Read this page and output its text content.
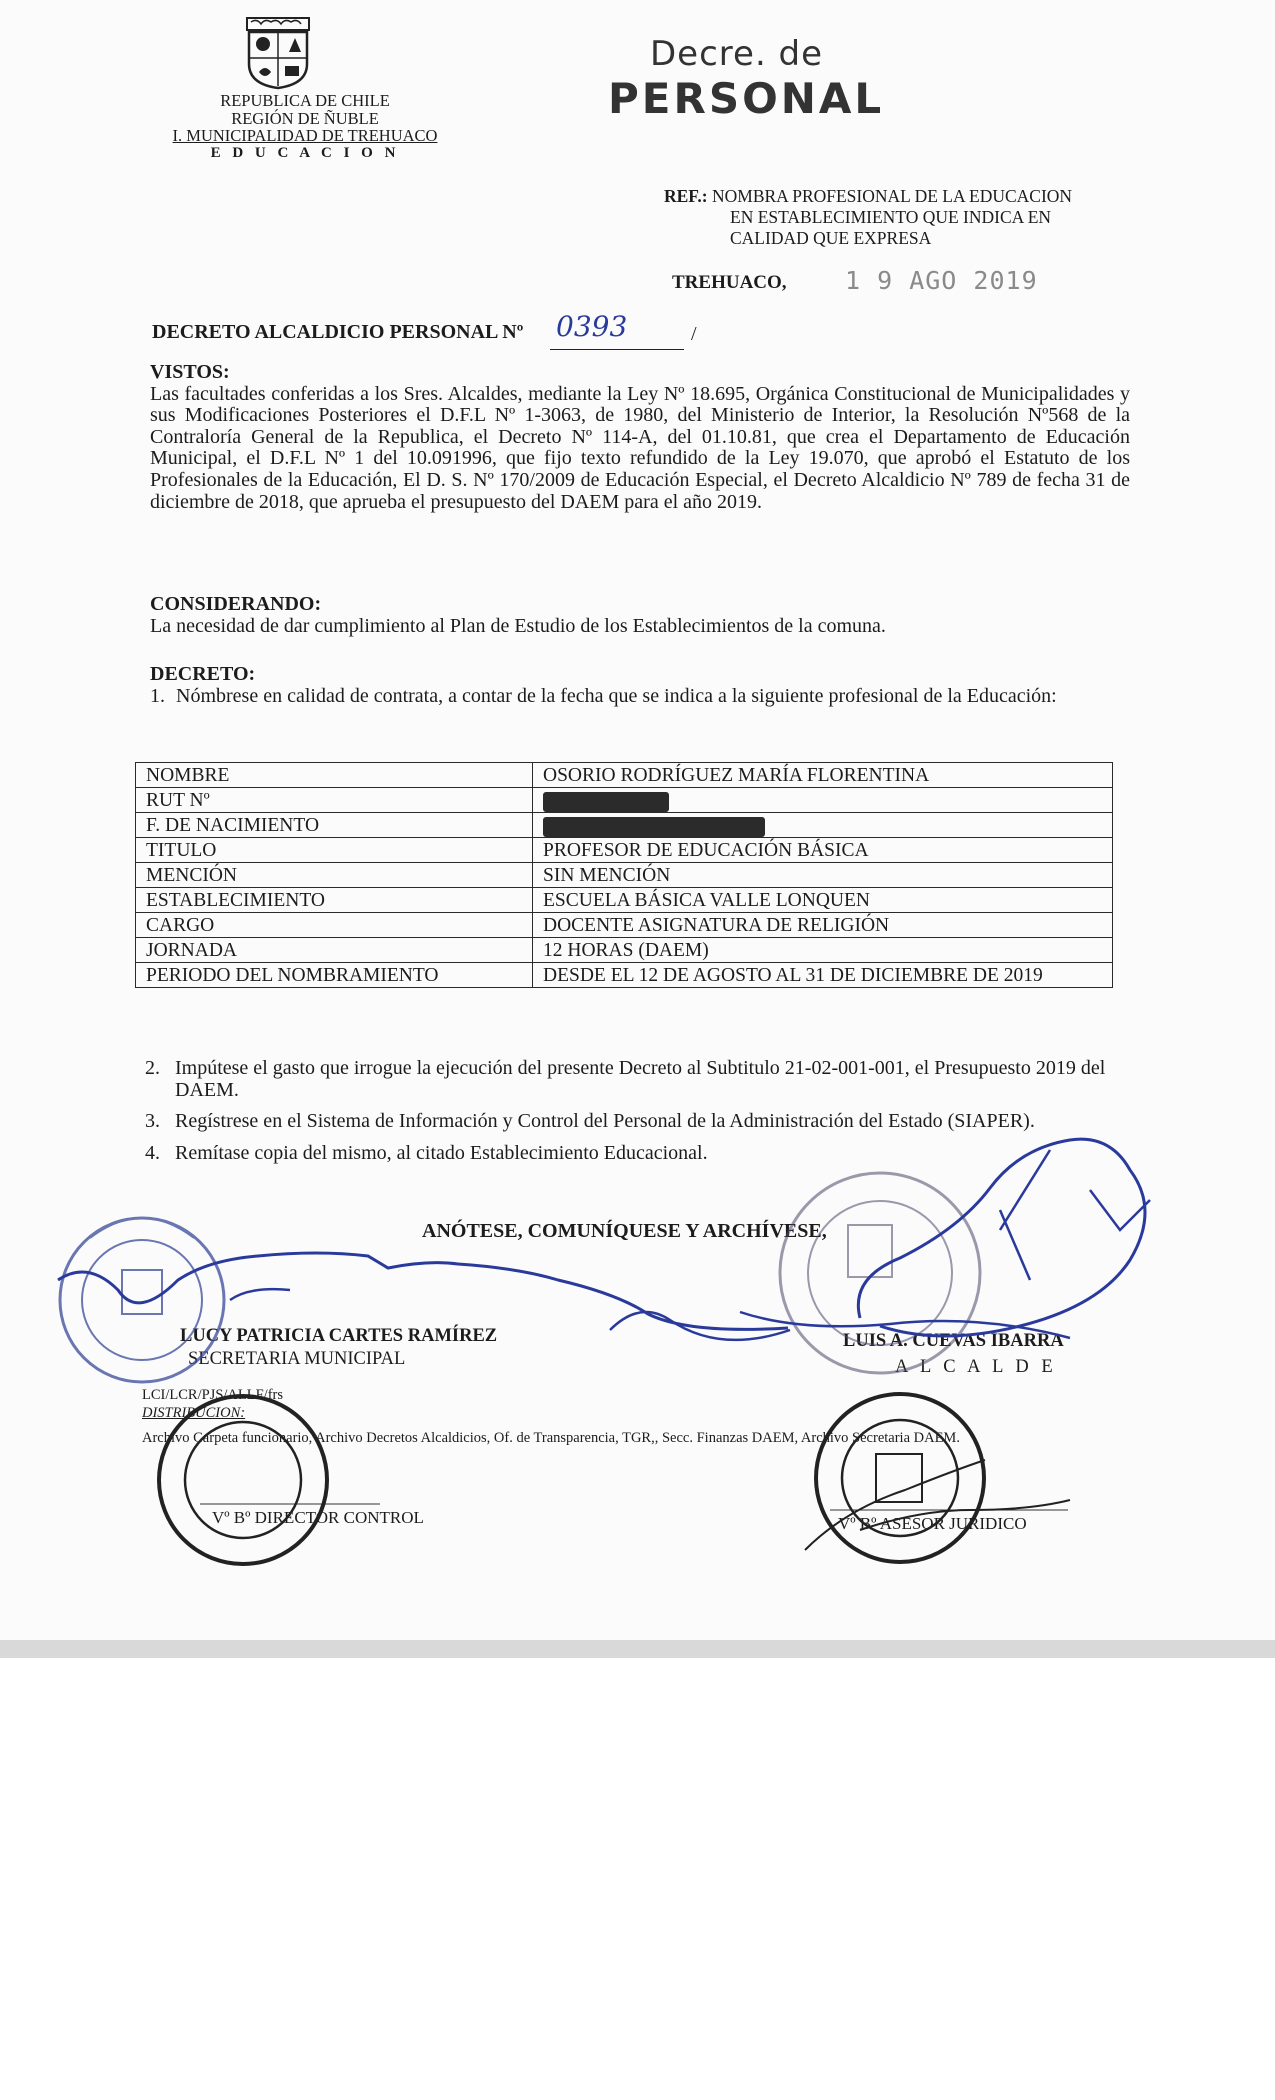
REPUBLICA DE CHILE
REGIÓN DE ÑUBLE
I. MUNICIPALIDAD DE TREHUACO
E D U C A C I O N
Decre. de
PERSONAL
REF.: NOMBRA PROFESIONAL DE LA EDUCACION
EN ESTABLECIMIENTO QUE INDICA EN
CALIDAD QUE EXPRESA
TREHUACO, 1 9 AGO 2019
DECRETO ALCALDICIO PERSONAL Nº 0393	/

VISTOS:

Las facultades conferidas a los Sres. Alcaldes, mediante la Ley Nº 18.695, Orgánica Constitucional de Municipalidades y sus Modificaciones Posteriores el D.F.L Nº 1-3063, de 1980, del Ministerio de Interior, la Resolución Nº568 de la Contraloría General de la Republica, el Decreto Nº 114-A, del 01.10.81, que crea el Departamento de Educación Municipal, el D.F.L Nº 1 del 10.091996, que fijo texto refundido de la Ley 19.070, que aprobó el Estatuto de los Profesionales de la Educación, El D. S. Nº 170/2009 de Educación Especial, el Decreto Alcaldicio Nº 789 de fecha 31 de diciembre de 2018, que aprueba el presupuesto del DAEM para el año 2019.

CONSIDERANDO:

La necesidad de dar cumplimiento al Plan de Estudio de los Establecimientos de la comuna.

DECRETO:

1. Nómbrese en calidad de contrata, a contar de la fecha que se indica a la siguiente profesional de la Educación:
NOMBRE	OSORIO RODRÍGUEZ MARÍA FLORENTINA
RUT Nº	
F. DE NACIMIENTO	
TITULO	PROFESOR DE EDUCACIÓN BÁSICA
MENCIÓN	SIN MENCIÓN
ESTABLECIMIENTO	ESCUELA BÁSICA VALLE LONQUEN
CARGO	DOCENTE ASIGNATURA DE RELIGIÓN
JORNADA	12 HORAS (DAEM)
PERIODO DEL NOMBRAMIENTO	DESDE EL 12 DE AGOSTO AL 31 DE DICIEMBRE DE 2019
2. Impútese el gasto que irrogue la ejecución del presente Decreto al Subtitulo 21-02-001-001, el Presupuesto 2019 del DAEM.
3. Regístrese en el Sistema de Información y Control del Personal de la Administración del Estado (SIAPER).
4. Remítase copia del mismo, al citado Establecimiento Educacional.
ANÓTESE, COMUNÍQUESE Y ARCHÍVESE,
LUCY PATRICIA CARTES RAMÍREZ
SECRETARIA MUNICIPAL
LUIS A. CUEVAS IBARRA
A L C A L D E
LCI/LCR/PJS/ALLF/frs
DISTRIBUCION:
Archivo Carpeta funcionario, Archivo Decretos Alcaldicios, Of. de Transparencia, TGR,, Secc. Finanzas DAEM, Archivo Secretaria DAEM.
Vº Bº DIRECTOR CONTROL	Vº Bº ASESOR JURIDICO
